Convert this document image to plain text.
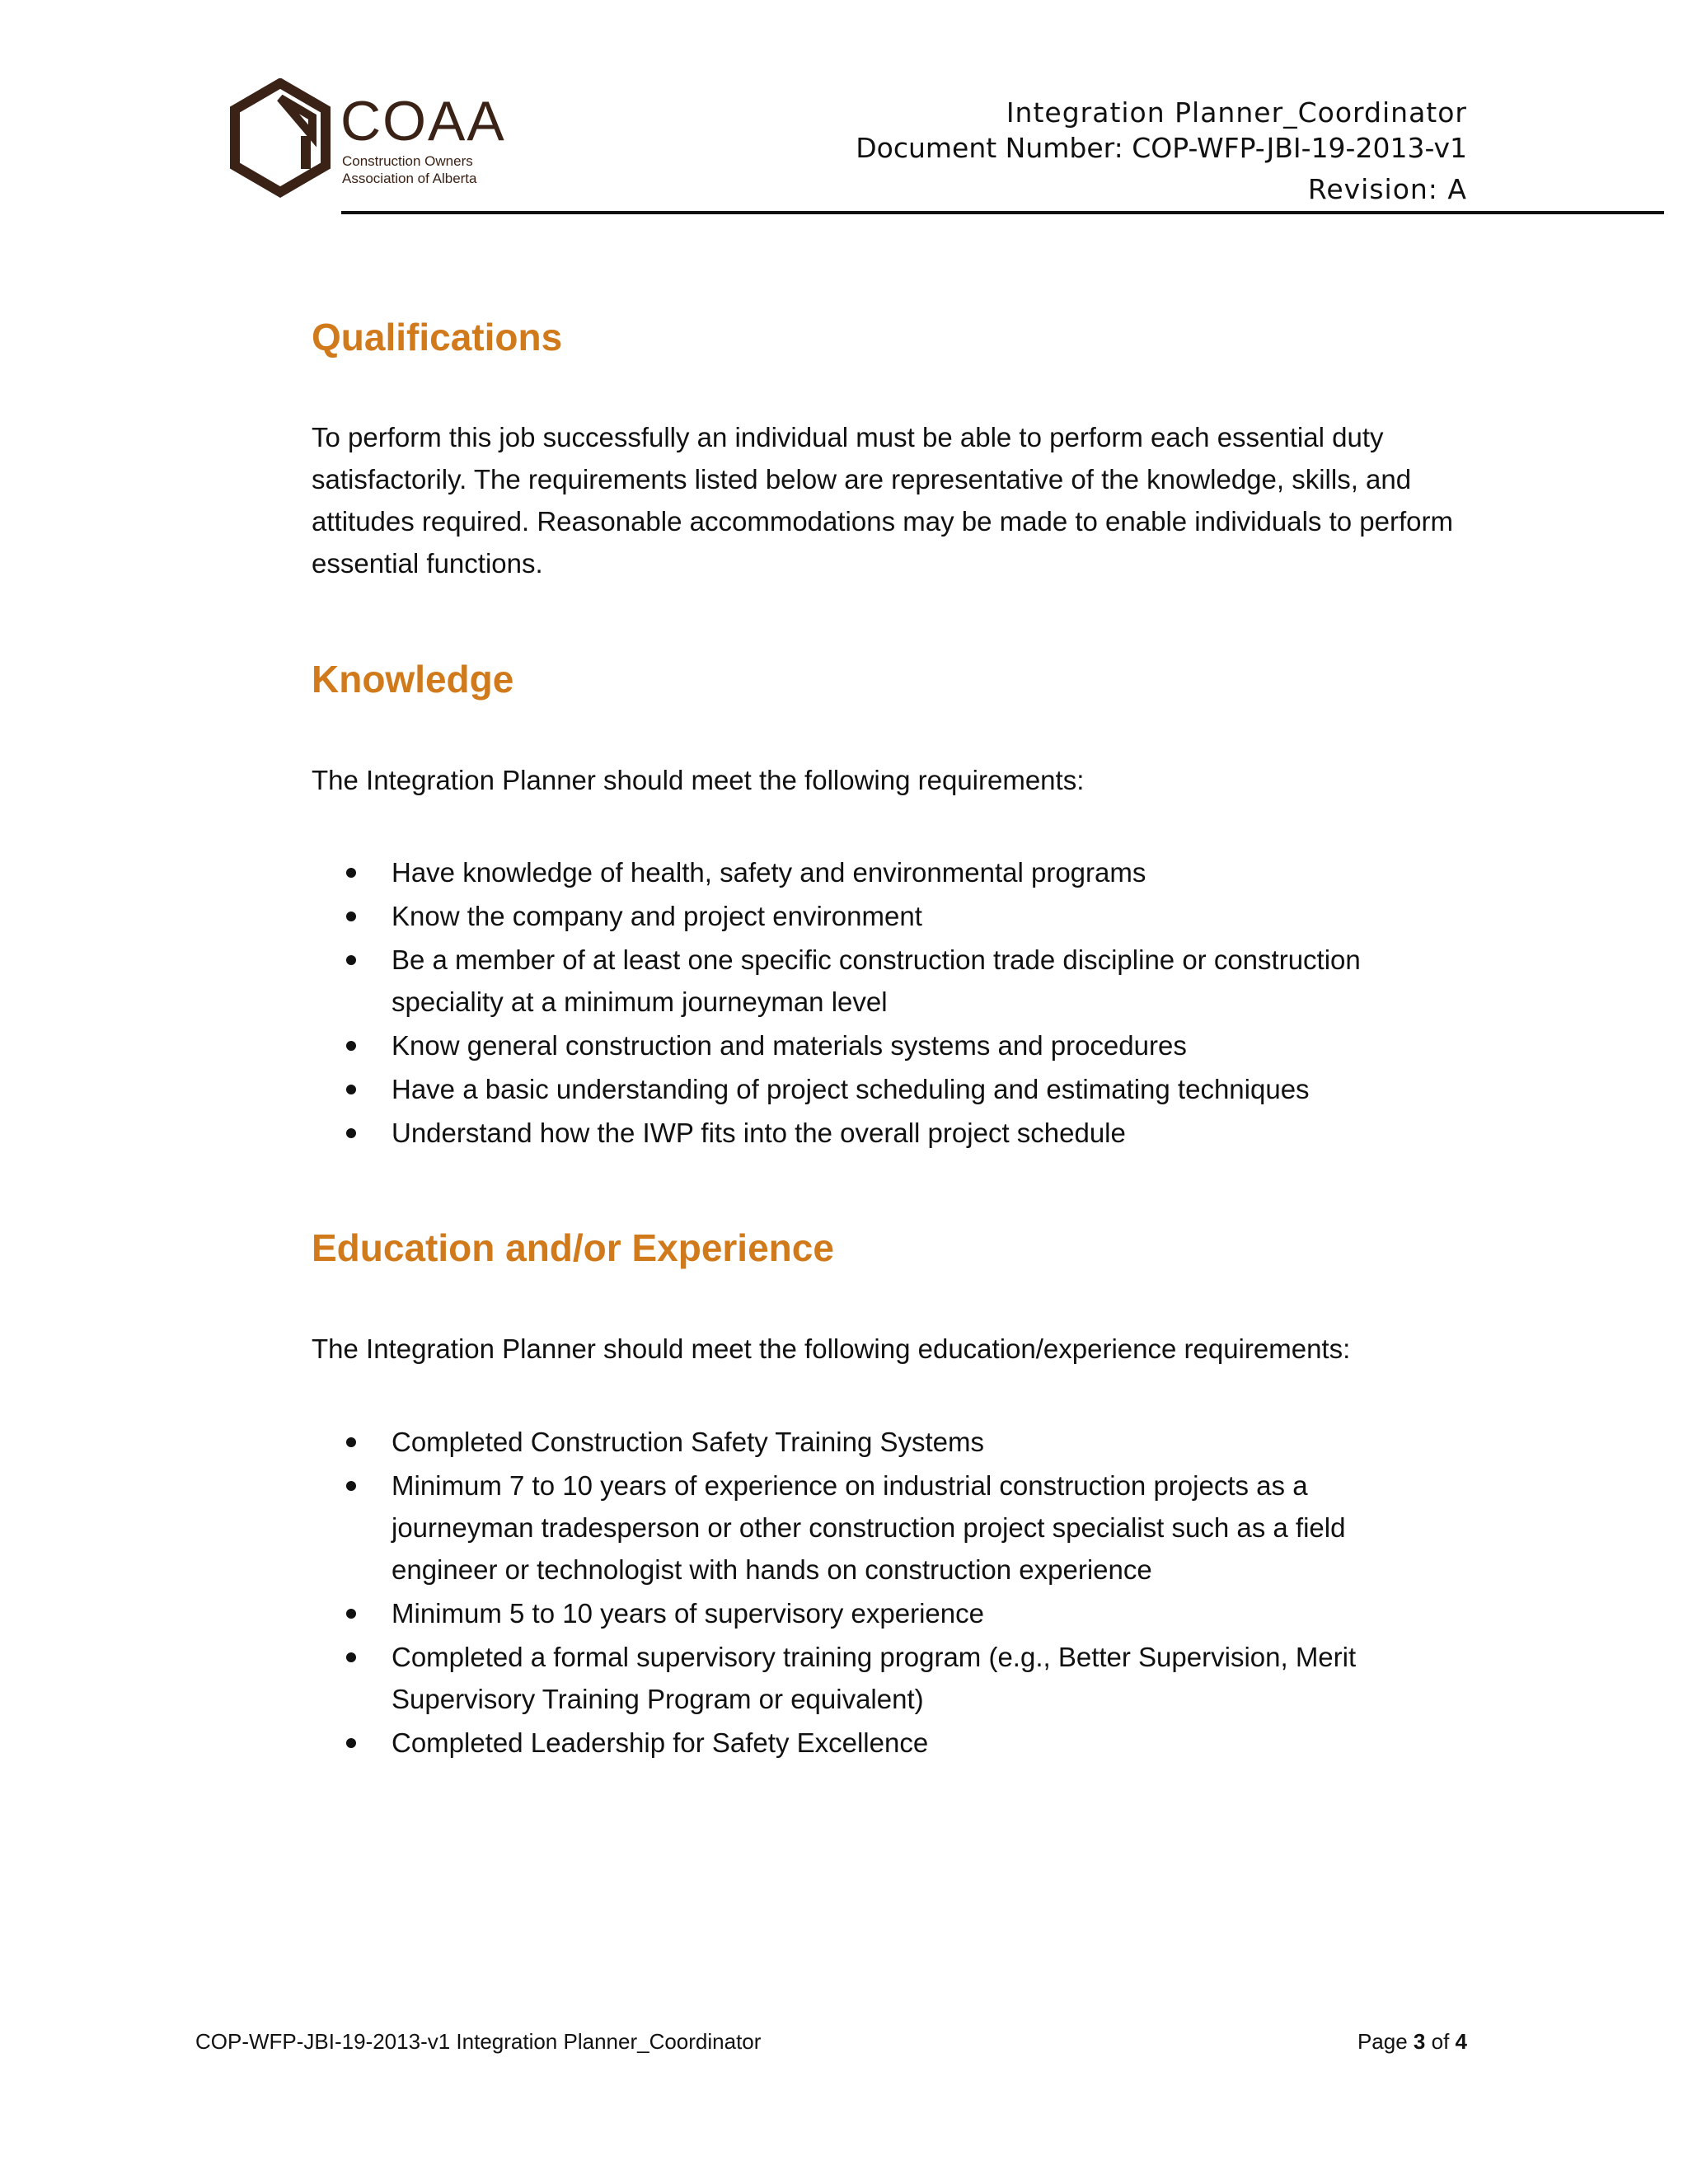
COAA
Construction Owners
Association of Alberta
Integration Planner_Coordinator
Document Number: COP-WFP-JBI-19-2013-v1
Revision: A
Qualifications
To perform this job successfully an individual must be able to perform each essential duty satisfactorily. The requirements listed below are representative of the knowledge, skills, and attitudes required. Reasonable accommodations may be made to enable individuals to perform essential functions.
Knowledge
The Integration Planner should meet the following requirements:
Have knowledge of health, safety and environmental programs
Know the company and project environment
Be a member of at least one specific construction trade discipline or construction speciality at a minimum journeyman level
Know general construction and materials systems and procedures
Have a basic understanding of project scheduling and estimating techniques
Understand how the IWP fits into the overall project schedule
Education and/or Experience
The Integration Planner should meet the following education/experience requirements:
Completed Construction Safety Training Systems
Minimum 7 to 10 years of experience on industrial construction projects as a journeyman tradesperson or other construction project specialist such as a field engineer or technologist with hands on construction experience
Minimum 5 to 10 years of supervisory experience
Completed a formal supervisory training program (e.g., Better Supervision, Merit Supervisory Training Program or equivalent)
Completed Leadership for Safety Excellence
COP-WFP-JBI-19-2013-v1 Integration Planner_Coordinator	Page 3 of 4
